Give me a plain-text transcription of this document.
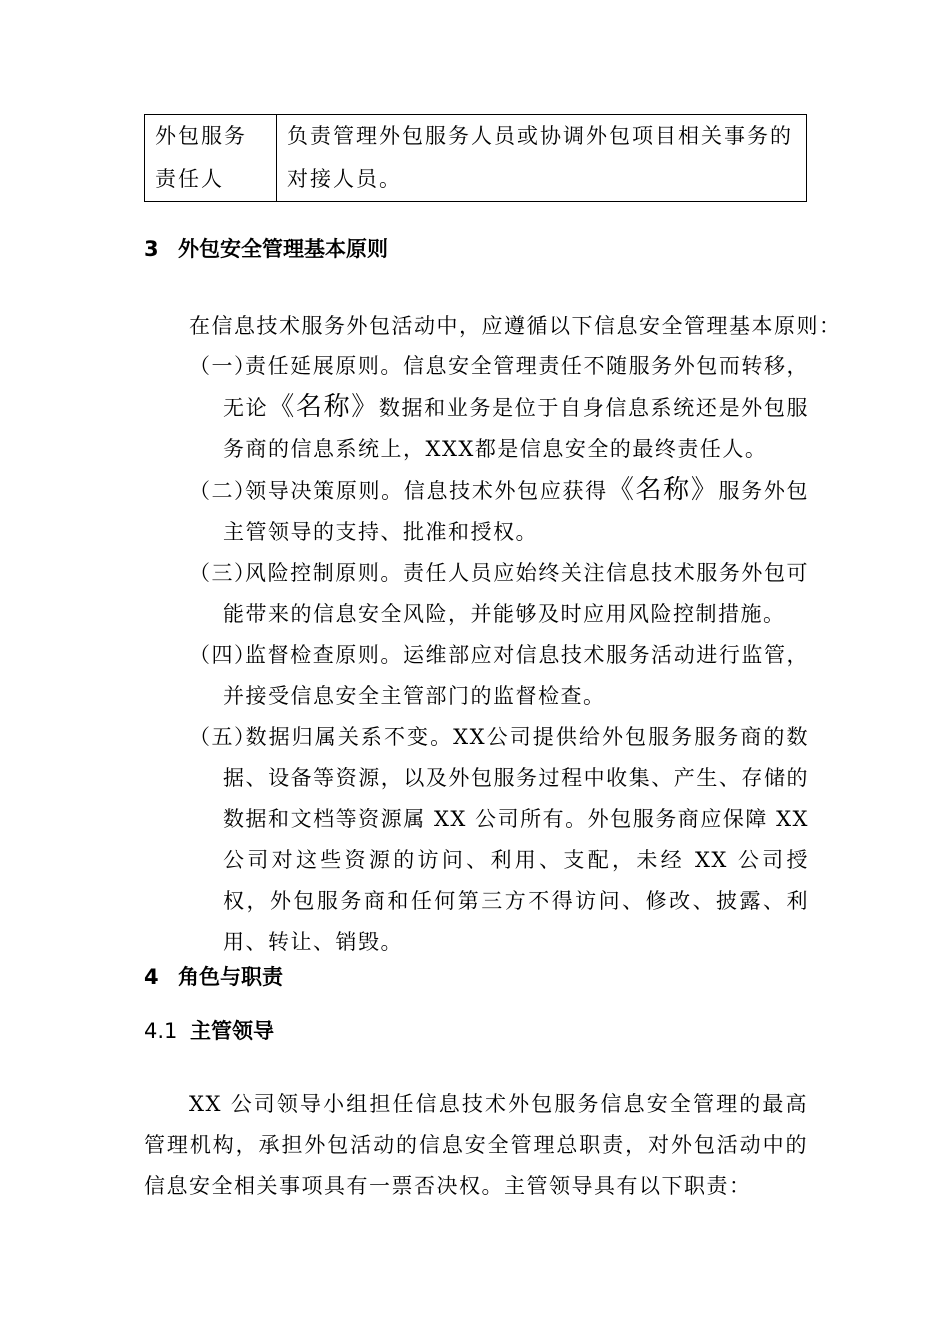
外包服务责任人	负责管理外包服务人员或协调外包项目相关事务的对接人员。
3 外包安全管理基本原则
在信息技术服务外包活动中，应遵循以下信息安全管理基本原则：
（一）责任延展原则。信息安全管理责任不随服务外包而转移，无论《名称》数据和业务是位于自身信息系统还是外包服务商的信息系统上，XXX都是信息安全的最终责任人。
（二）领导决策原则。信息技术外包应获得《名称》服务外包主管领导的支持、批准和授权。
（三）风险控制原则。责任人员应始终关注信息技术服务外包可能带来的信息安全风险，并能够及时应用风险控制措施。
（四）监督检查原则。运维部应对信息技术服务活动进行监管，并接受信息安全主管部门的监督检查。
（五）数据归属关系不变。XX公司提供给外包服务服务商的数据、设备等资源，以及外包服务过程中收集、产生、存储的数据和文档等资源属 XX 公司所有。外包服务商应保障 XX 公司对这些资源的访问、利用、支配，未经 XX 公司授权，外包服务商和任何第三方不得访问、修改、披露、利用、转让、销毁。
4 角色与职责
4.1 主管领导
XX 公司领导小组担任信息技术外包服务信息安全管理的最高管理机构，承担外包活动的信息安全管理总职责，对外包活动中的信息安全相关事项具有一票否决权。主管领导具有以下职责：
